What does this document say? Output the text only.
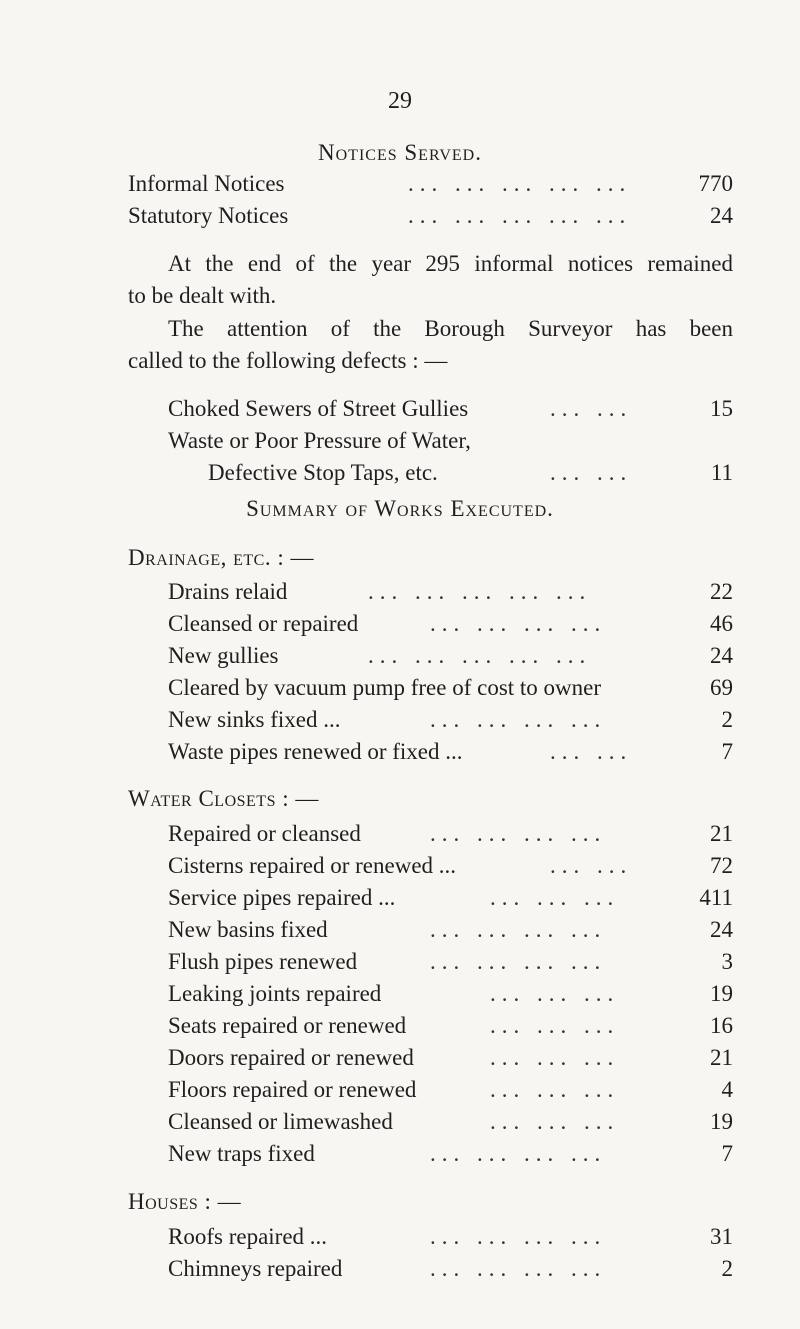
29
Notices Served.
Informal Notices	... ... ... ... ...	770
Statutory Notices	... ... ... ... ...	24
At the end of the year 295 informal notices remained
to be dealt with.
The attention of the Borough Surveyor has been
called to the following defects : —
Choked Sewers of Street Gullies	... ...	15
Waste or Poor Pressure of Water,
Defective Stop Taps, etc.	... ...	11
Summary of Works Executed.
Drainage, etc. : —
Drains relaid	... ... ... ... ...	22
Cleansed or repaired	... ... ... ...	46
New gullies	... ... ... ... ...	24
Cleared by vacuum pump free of cost to owner	69
New sinks fixed ...	... ... ... ...	2
Waste pipes renewed or fixed ...	... ...	7
Water Closets : —
Repaired or cleansed	... ... ... ...	21
Cisterns repaired or renewed ...	... ...	72
Service pipes repaired ...	... ... ...	411
New basins fixed	... ... ... ...	24
Flush pipes renewed	... ... ... ...	3
Leaking joints repaired	... ... ...	19
Seats repaired or renewed	... ... ...	16
Doors repaired or renewed	... ... ...	21
Floors repaired or renewed	... ... ...	4
Cleansed or limewashed	... ... ...	19
New traps fixed	... ... ... ...	7
Houses : —
Roofs repaired ...	... ... ... ...	31
Chimneys repaired	... ... ... ...	2
